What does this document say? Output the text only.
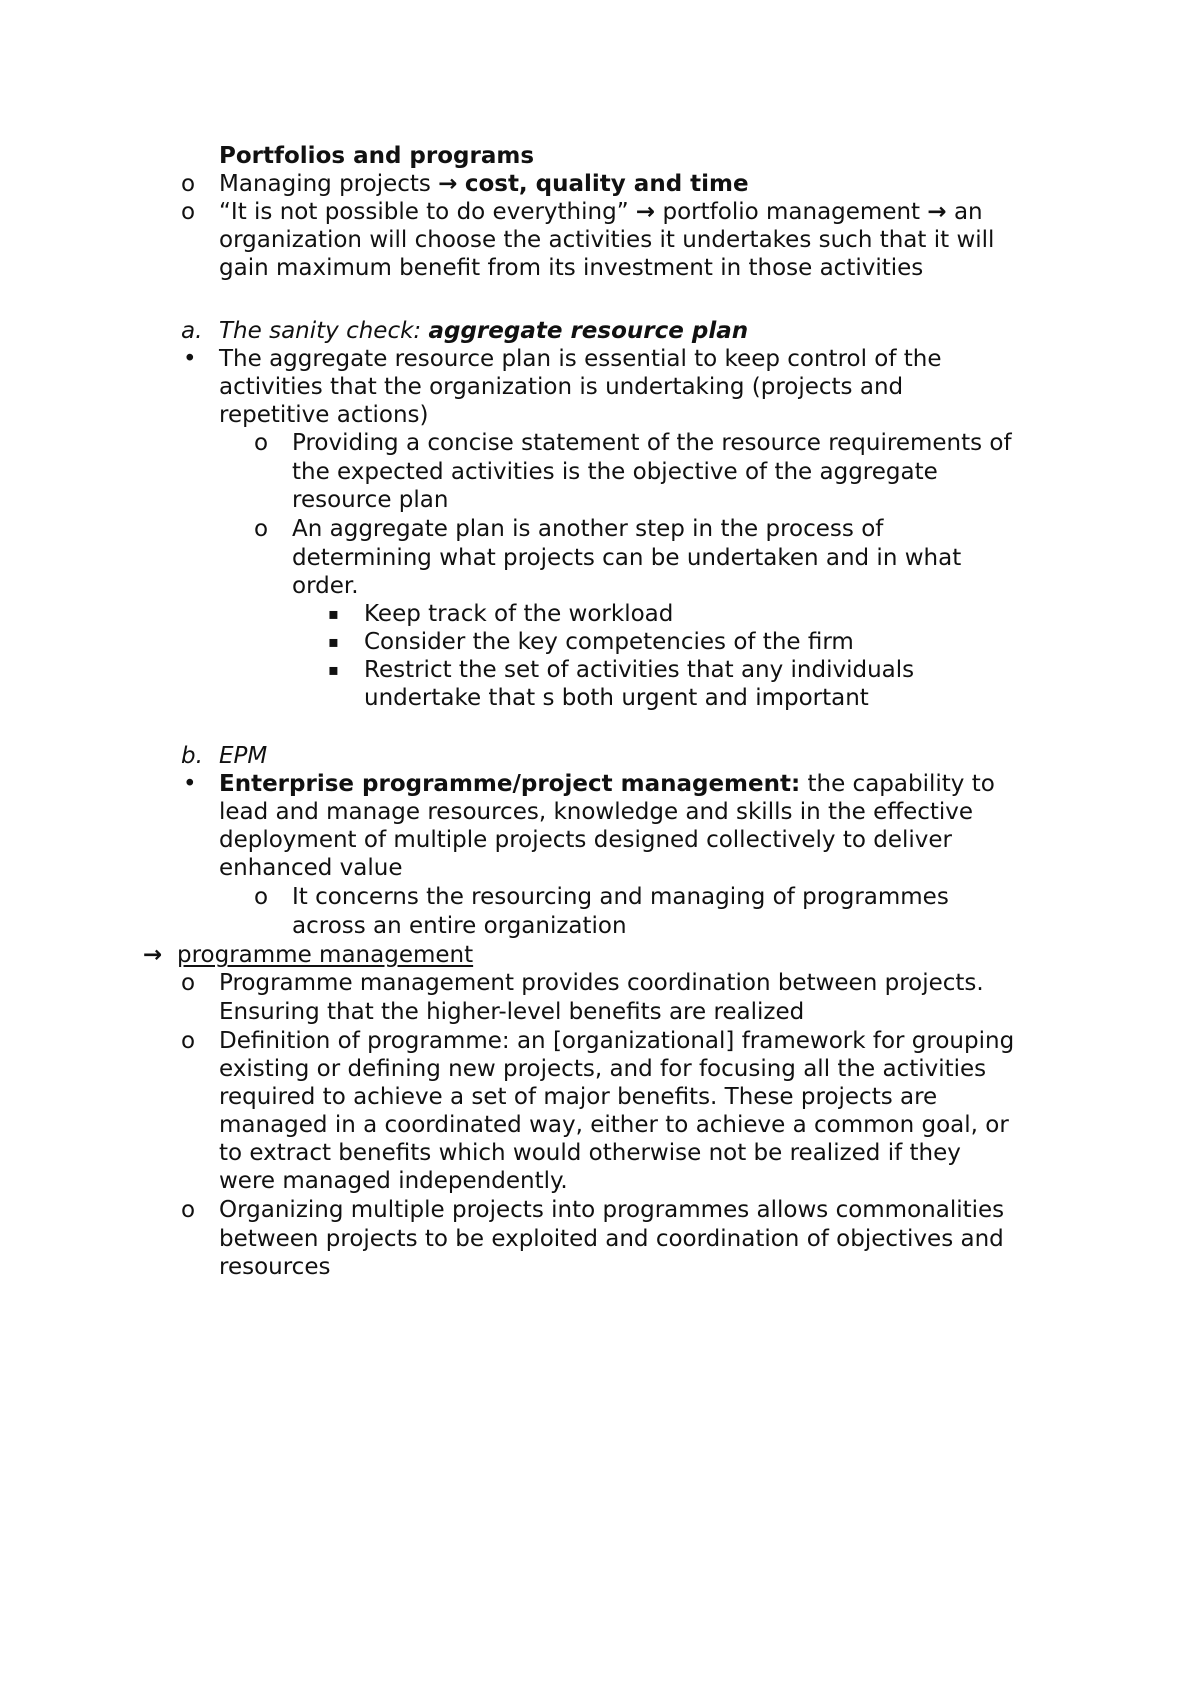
Portfolios and programs
o Managing projects → cost, quality and time
o “It is not possible to do everything” → portfolio management → an
organization will choose the activities it undertakes such that it will
gain maximum benefit from its investment in those activities
a. The sanity check: aggregate resource plan
• The aggregate resource plan is essential to keep control of the
activities that the organization is undertaking (projects and
repetitive actions)
o Providing a concise statement of the resource requirements of
the expected activities is the objective of the aggregate
resource plan
o An aggregate plan is another step in the process of
determining what projects can be undertaken and in what
order.
▪ Keep track of the workload
▪ Consider the key competencies of the firm
▪ Restrict the set of activities that any individuals
undertake that s both urgent and important
b. EPM
• Enterprise programme/project management: the capability to
lead and manage resources, knowledge and skills in the effective
deployment of multiple projects designed collectively to deliver
enhanced value
o It concerns the resourcing and managing of programmes
across an entire organization
→ programme management
o Programme management provides coordination between projects.
Ensuring that the higher-level benefits are realized
o Definition of programme: an [organizational] framework for grouping
existing or defining new projects, and for focusing all the activities
required to achieve a set of major benefits. These projects are
managed in a coordinated way, either to achieve a common goal, or
to extract benefits which would otherwise not be realized if they
were managed independently.
o Organizing multiple projects into programmes allows commonalities
between projects to be exploited and coordination of objectives and
resources
